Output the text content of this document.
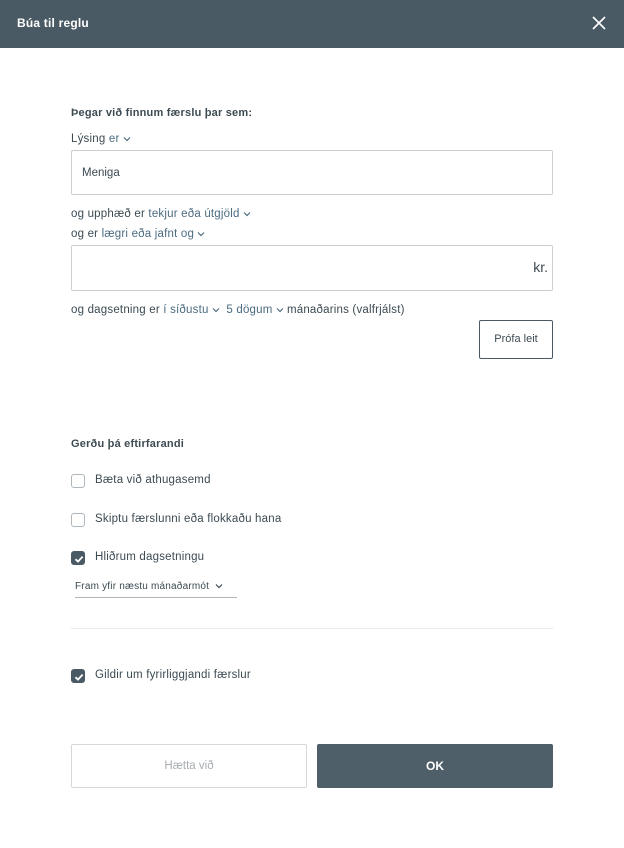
Búa til reglu
Þegar við finnum færslu þar sem:
Lýsing er
Meniga
og upphæð er tekjur eða útgjöld
og er lægri eða jafnt og
kr.
og dagsetning er í síðustu 5 dögum mánaðarins (valfrjálst)
Prófa leit
Gerðu þá eftirfarandi
Bæta við athugasemd
Skiptu færslunni eða flokkaðu hana
Hliðrum dagsetningu
Fram yfir næstu mánaðarmót
Gildir um fyrirliggjandi færslur
Hætta við	OK
